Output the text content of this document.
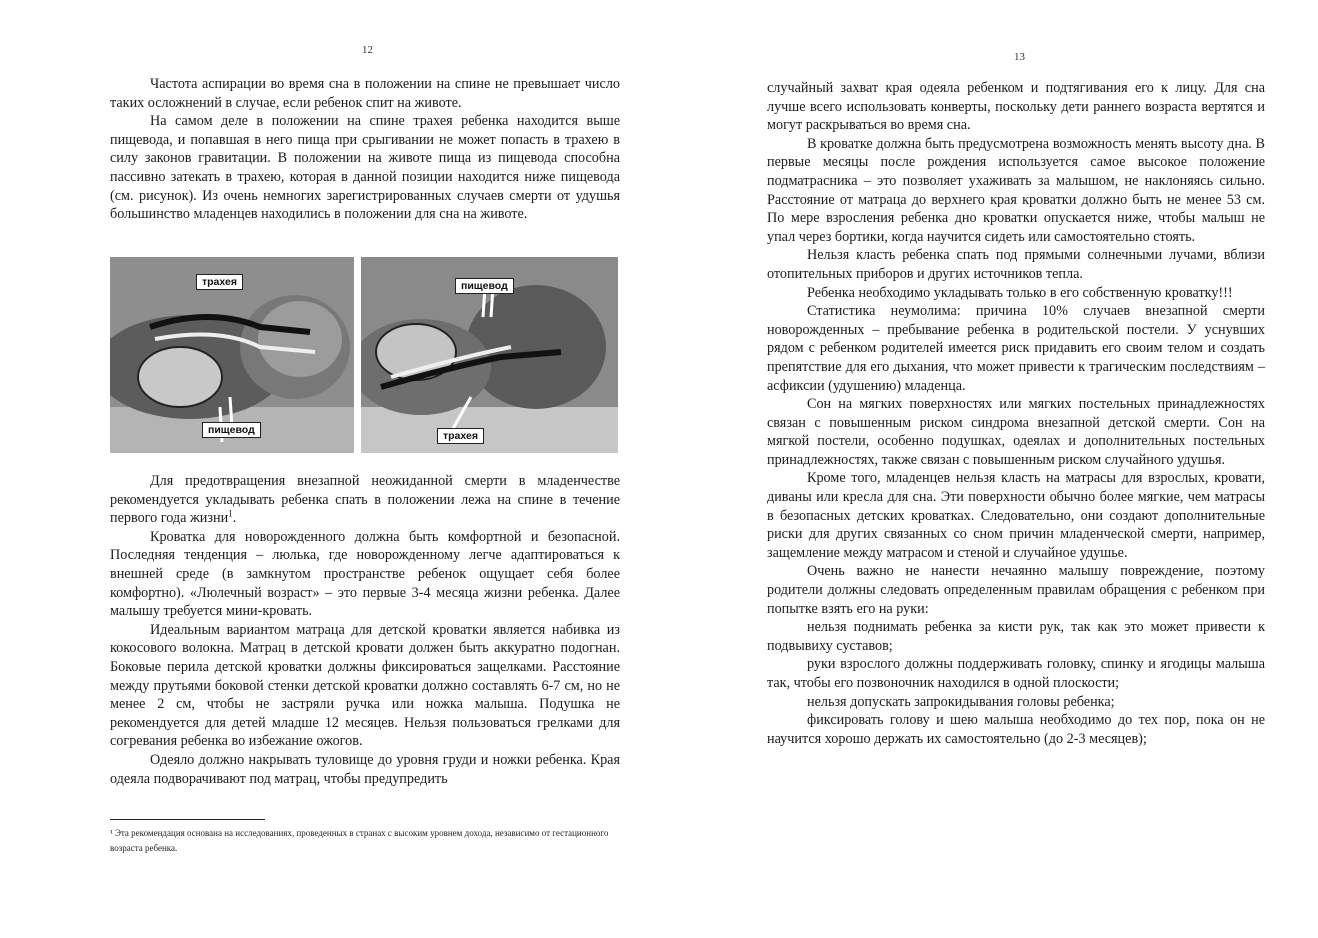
12

Частота аспирации во время сна в положении на спине не превышает число таких осложнений в случае, если ребенок спит на животе.

На самом деле в положении на спине трахея ребенка находится выше пищевода, и попавшая в него пища при срыгивании не может попасть в трахею в силу законов гравитации. В положении на животе пища из пищевода способна пассивно затекать в трахею, которая в данной позиции находится ниже пищевода (см. рисунок). Из очень немногих зарегистрированных случаев смерти от удушья большинство младенцев находились в положении для сна на животе.

трахея
пищевод
пищевод
трахея

Для предотвращения внезапной неожиданной смерти в младенчестве рекомендуется укладывать ребенка спать в положении лежа на спине в течение первого года жизни$^1$.

Кроватка для новорожденного должна быть комфортной и безопасной. Последняя тенденция – люлька, где новорожденному легче адаптироваться к внешней среде (в замкнутом пространстве ребенок ощущает себя более комфортно). «Люлечный возраст» – это первые 3-4 месяца жизни ребенка. Далее малышу требуется мини-кровать.

Идеальным вариантом матраца для детской кроватки является набивка из кокосового волокна. Матрац в детской кровати должен быть аккуратно подогнан. Боковые перила детской кроватки должны фиксироваться защелками. Расстояние между прутьями боковой стенки детской кроватки должно составлять 6-7 см, но не менее 2 см, чтобы не застряли ручка или ножка малыша. Подушка не рекомендуется для детей младше 12 месяцев. Нельзя пользоваться грелками для согревания ребенка во избежание ожогов.

Одеяло должно накрывать туловище до уровня груди и ножки ребенка. Края одеяла подворачивают под матрац, чтобы предупредить

¹ Эта рекомендация основана на исследованиях, проведенных в странах с высоким уровнем дохода, независимо от гестационного возраста ребенка.
13

случайный захват края одеяла ребенком и подтягивания его к лицу. Для сна лучше всего использовать конверты, поскольку дети раннего возраста вертятся и могут раскрываться во время сна.

В кроватке должна быть предусмотрена возможность менять высоту дна. В первые месяцы после рождения используется самое высокое положение подматрасника – это позволяет ухаживать за малышом, не наклоняясь сильно. Расстояние от матраца до верхнего края кроватки должно быть не менее 53 см. По мере взросления ребенка дно кроватки опускается ниже, чтобы малыш не упал через бортики, когда научится сидеть или самостоятельно стоять.

Нельзя класть ребенка спать под прямыми солнечными лучами, вблизи отопительных приборов и других источников тепла.

Ребенка необходимо укладывать только в его собственную кроватку!!!

Статистика неумолима: причина 10% случаев внезапной смерти новорожденных – пребывание ребенка в родительской постели. У уснувших рядом с ребенком родителей имеется риск придавить его своим телом и создать препятствие для его дыхания, что может привести к трагическим последствиям – асфиксии (удушению) младенца.

Сон на мягких поверхностях или мягких постельных принадлежностях связан с повышенным риском синдрома внезапной детской смерти. Сон на мягкой постели, особенно подушках, одеялах и дополнительных постельных принадлежностях, также связан с повышенным риском случайного удушья.

Кроме того, младенцев нельзя класть на матрасы для взрослых, кровати, диваны или кресла для сна. Эти поверхности обычно более мягкие, чем матрасы в безопасных детских кроватках. Следовательно, они создают дополнительные риски для других связанных со сном причин младенческой смерти, например, защемление между матрасом и стеной и случайное удушье.

Очень важно не нанести нечаянно малышу повреждение, поэтому родители должны следовать определенным правилам обращения с ребенком при попытке взять его на руки:

нельзя поднимать ребенка за кисти рук, так как это может привести к подвывиху суставов;

руки взрослого должны поддерживать головку, спинку и ягодицы малыша так, чтобы его позвоночник находился в одной плоскости;

нельзя допускать запрокидывания головы ребенка;

фиксировать голову и шею малыша необходимо до тех пор, пока он не научится хорошо держать их самостоятельно (до 2-3 месяцев);
